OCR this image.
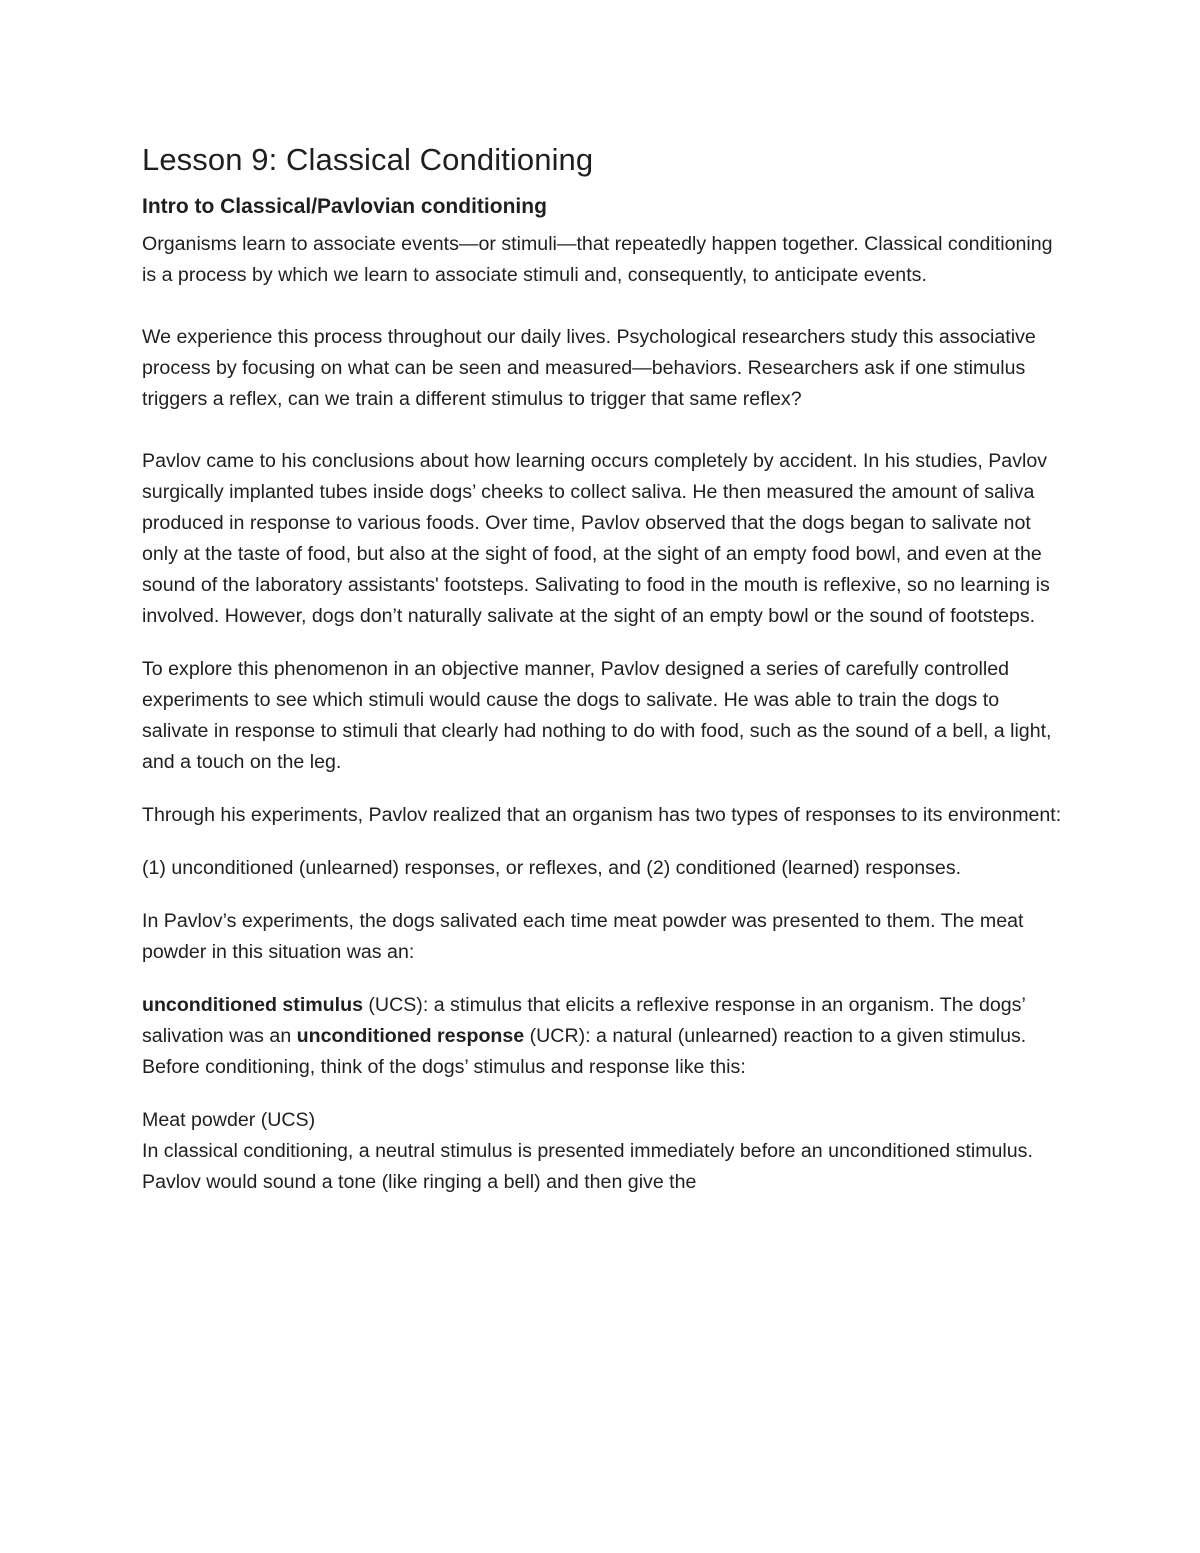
Lesson 9: Classical Conditioning
Intro to Classical/Pavlovian conditioning

Organisms learn to associate events—or stimuli—that repeatedly happen together. Classical conditioning is a process by which we learn to associate stimuli and, consequently, to anticipate events.

We experience this process throughout our daily lives. Psychological researchers study this associative process by focusing on what can be seen and measured—behaviors. Researchers ask if one stimulus triggers a reflex, can we train a different stimulus to trigger that same reflex?

Pavlov came to his conclusions about how learning occurs completely by accident. In his studies, Pavlov surgically implanted tubes inside dogs’ cheeks to collect saliva. He then measured the amount of saliva produced in response to various foods. Over time, Pavlov observed that the dogs began to salivate not only at the taste of food, but also at the sight of food, at the sight of an empty food bowl, and even at the sound of the laboratory assistants' footsteps. Salivating to food in the mouth is reflexive, so no learning is involved. However, dogs don’t naturally salivate at the sight of an empty bowl or the sound of footsteps.

To explore this phenomenon in an objective manner, Pavlov designed a series of carefully controlled experiments to see which stimuli would cause the dogs to salivate. He was able to train the dogs to salivate in response to stimuli that clearly had nothing to do with food, such as the sound of a bell, a light, and a touch on the leg.

Through his experiments, Pavlov realized that an organism has two types of responses to its environment:

(1) unconditioned (unlearned) responses, or reflexes, and (2) conditioned (learned) responses.

In Pavlov’s experiments, the dogs salivated each time meat powder was presented to them. The meat powder in this situation was an:

unconditioned stimulus (UCS): a stimulus that elicits a reflexive response in an organism. The dogs’ salivation was an unconditioned response (UCR): a natural (unlearned) reaction to a given stimulus. Before conditioning, think of the dogs’ stimulus and response like this:

Meat powder (UCS)

In classical conditioning, a neutral stimulus is presented immediately before an unconditioned stimulus. Pavlov would sound a tone (like ringing a bell) and then give the
